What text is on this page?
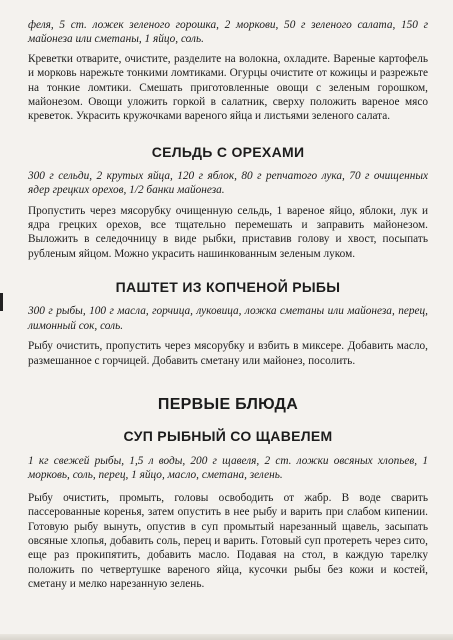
феля, 5 ст. ложек зеленого горошка, 2 моркови, 50 г зеленого салата, 150 г майонеза или сметаны, 1 яйцо, соль.

Креветки отварите, очистите, разделите на волокна, охладите. Вареные картофель и морковь нарежьте тонкими ломтиками. Огурцы очистите от кожицы и разрежьте на тонкие ломтики. Смешать приготовленные овощи с зеленым горошком, майонезом. Овощи уложить горкой в салатник, сверху положить вареное мясо креветок. Украсить кружочками вареного яйца и листьями зеленого салата.

СЕЛЬДЬ С ОРЕХАМИ

300 г сельди, 2 крутых яйца, 120 г яблок, 80 г репчатого лука, 70 г очищенных ядер грецких орехов, 1/2 банки майонеза.

Пропустить через мясорубку очищенную сельдь, 1 вареное яйцо, яблоки, лук и ядра грецких орехов, все тщательно перемешать и заправить майонезом. Выложить в селедочницу в виде рыбки, приставив голову и хвост, посыпать рубленым яйцом. Можно украсить нашинкованным зеленым луком.

ПАШТЕТ ИЗ КОПЧЕНОЙ РЫБЫ

300 г рыбы, 100 г масла, горчица, луковица, ложка сметаны или майонеза, перец, лимонный сок, соль.

Рыбу очистить, пропустить через мясорубку и взбить в миксере. Добавить масло, размешанное с горчицей. Добавить сметану или майонез, посолить.

ПЕРВЫЕ БЛЮДА
СУП РЫБНЫЙ СО ЩАВЕЛЕМ

1 кг свежей рыбы, 1,5 л воды, 200 г щавеля, 2 ст. ложки овсяных хлопьев, 1 морковь, соль, перец, 1 яйцо, масло, сметана, зелень.

Рыбу очистить, промыть, головы освободить от жабр. В воде сварить пассерованные коренья, затем опустить в нее рыбу и варить при слабом кипении. Готовую рыбу вынуть, опустив в суп промытый нарезанный щавель, засыпать овсяные хлопья, добавить соль, перец и варить. Готовый суп протереть через сито, еще раз прокипятить, добавить масло. Подавая на стол, в каждую тарелку положить по четвертушке вареного яйца, кусочки рыбы без кожи и костей, сметану и мелко нарезанную зелень.
